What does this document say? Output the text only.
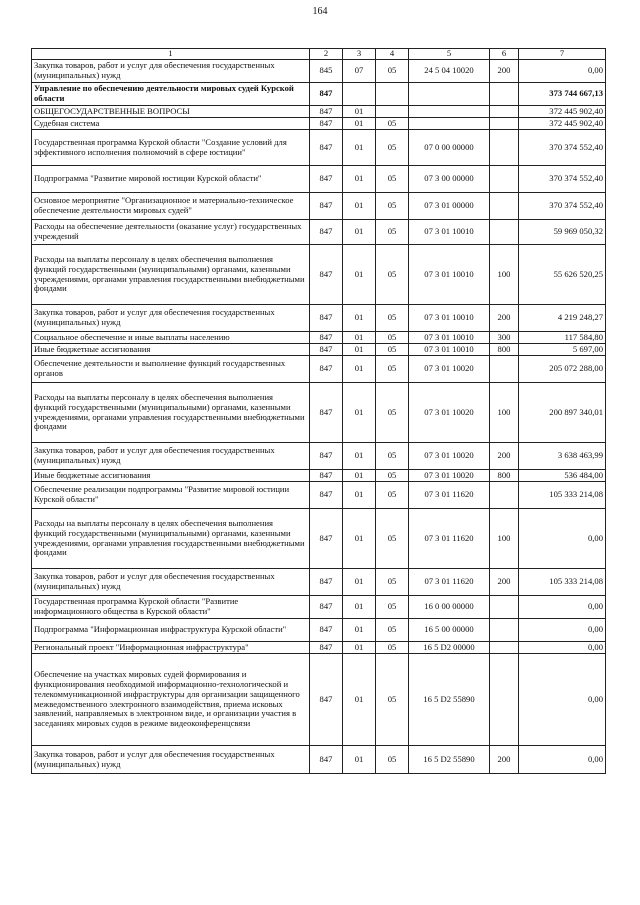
164
1	2	3	4	5	6	7
Закупка товаров, работ и услуг для обеспечения государственных (муниципальных) нужд	845	07	05	24 5 04 10020	200	0,00
Управление по обеспечению деятельности мировых судей Курской области	847					373 744 667,13
ОБЩЕГОСУДАРСТВЕННЫЕ ВОПРОСЫ	847	01				372 445 902,40
Судебная система	847	01	05			372 445 902,40
Государственная программа Курской области "Создание условий для эффективного исполнения полномочий в сфере юстиции"	847	01	05	07 0 00 00000		370 374 552,40
Подпрограмма "Развитие мировой юстиции Курской области"	847	01	05	07 3 00 00000		370 374 552,40
Основное мероприятие "Организационное и материально-техническое обеспечение деятельности мировых судей"	847	01	05	07 3 01 00000		370 374 552,40
Расходы на обеспечение деятельности (оказание услуг) государственных учреждений	847	01	05	07 3 01 10010		59 969 050,32
Расходы на выплаты персоналу в целях обеспечения выполнения функций государственными (муниципальными) органами, казенными учреждениями, органами управления государственными внебюджетными фондами	847	01	05	07 3 01 10010	100	55 626 520,25
Закупка товаров, работ и услуг для обеспечения государственных (муниципальных) нужд	847	01	05	07 3 01 10010	200	4 219 248,27
Социальное обеспечение и иные выплаты населению	847	01	05	07 3 01 10010	300	117 584,80
Иные бюджетные ассигнования	847	01	05	07 3 01 10010	800	5 697,00
Обеспечение деятельности и выполнение функций государственных органов	847	01	05	07 3 01 10020		205 072 288,00
Расходы на выплаты персоналу в целях обеспечения выполнения функций государственными (муниципальными) органами, казенными учреждениями, органами управления государственными внебюджетными фондами	847	01	05	07 3 01 10020	100	200 897 340,01
Закупка товаров, работ и услуг для обеспечения государственных (муниципальных) нужд	847	01	05	07 3 01 10020	200	3 638 463,99
Иные бюджетные ассигнования	847	01	05	07 3 01 10020	800	536 484,00
Обеспечение реализации подпрограммы "Развитие мировой юстиции Курской области"	847	01	05	07 3 01 11620		105 333 214,08
Расходы на выплаты персоналу в целях обеспечения выполнения функций государственными (муниципальными) органами, казенными учреждениями, органами управления государственными внебюджетными фондами	847	01	05	07 3 01 11620	100	0,00
Закупка товаров, работ и услуг для обеспечения государственных (муниципальных) нужд	847	01	05	07 3 01 11620	200	105 333 214,08
Государственная программа Курской области "Развитие информационного общества в Курской области"	847	01	05	16 0 00 00000		0,00
Подпрограмма "Информационная инфраструктура Курской области"	847	01	05	16 5 00 00000		0,00
Региональный проект "Информационная инфраструктура"	847	01	05	16 5 D2 00000		0,00
Обеспечение на участках мировых судей формирования и функционирования необходимой информационно-технологической и телекоммуникационной инфраструктуры для организации защищенного межведомственного электронного взаимодействия, приема исковых заявлений, направляемых в электронном виде, и организации участия в заседаниях мировых судов в режиме видеоконференцсвязи	847	01	05	16 5 D2 55890		0,00
Закупка товаров, работ и услуг для обеспечения государственных (муниципальных) нужд	847	01	05	16 5 D2 55890	200	0,00
